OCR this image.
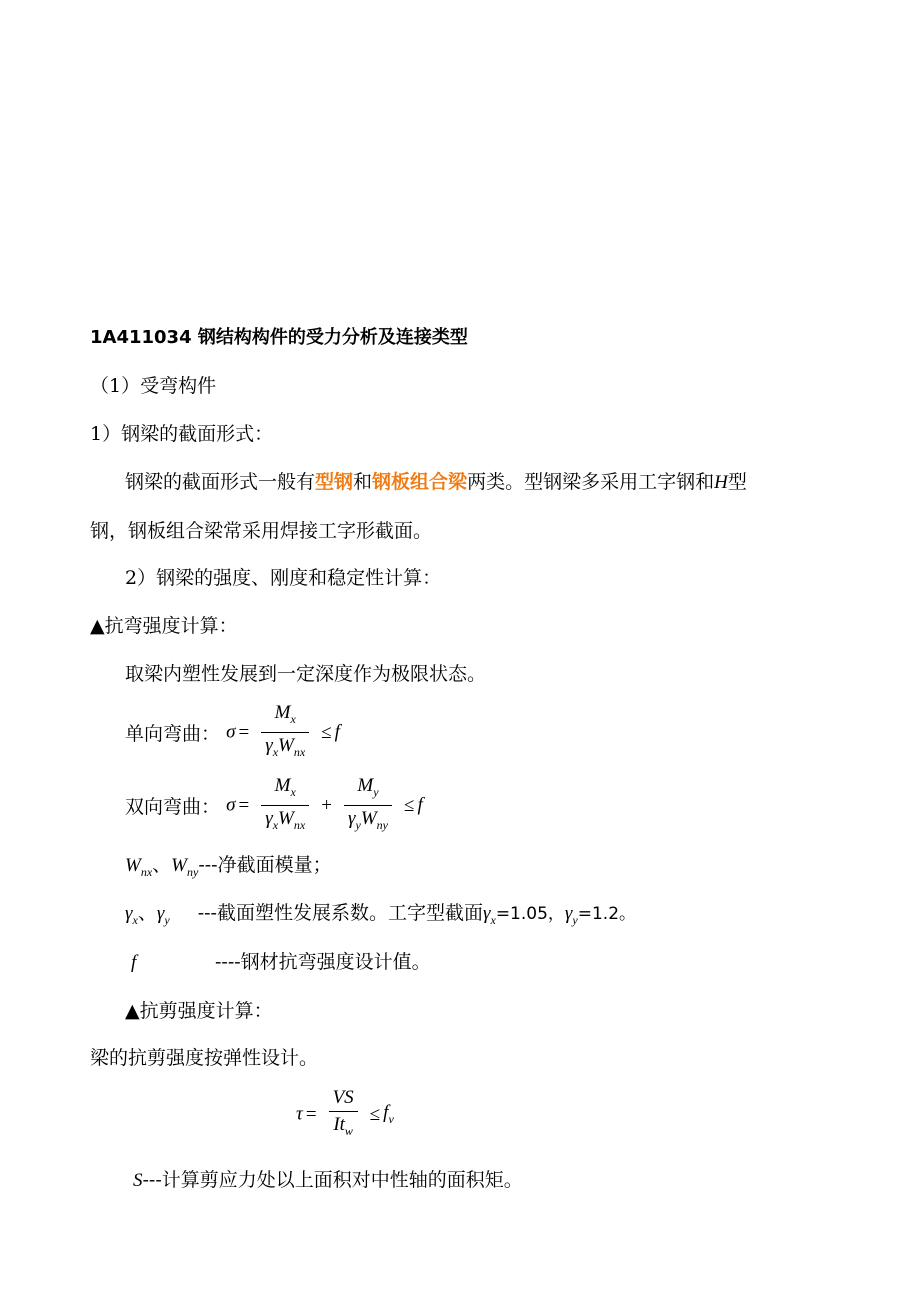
1A411034 钢结构构件的受力分析及连接类型
（1）受弯构件
1）钢梁的截面形式：
钢梁的截面形式一般有型钢和钢板组合梁两类。型钢梁多采用工字钢和H型
钢，钢板组合梁常采用焊接工字形截面。
2）钢梁的强度、刚度和稳定性计算：
▲抗弯强度计算：
取梁内塑性发展到一定深度作为极限状态。
单向弯曲： $\sigma = \frac{M_x}{\gamma_xW_{nx}} \le f$
双向弯曲： $\sigma = \frac{M_x}{\gamma_xW_{nx}} + \frac{M_y}{\gamma_yW_{ny}} \le f$
$W_{nx}$、$W_{ny}---$净截面模量；
$\gamma_x$、$\gamma_y$ ---截面塑性发展系数。工字型截面$\gamma_x=1.05$，$\gamma_y=1.2$。
f	----钢材抗弯强度设计值。
▲抗剪强度计算：
梁的抗剪强度按弹性设计。
$\tau = \frac{VS}{It_w} \le f_v$
S---计算剪应力处以上面积对中性轴的面积矩。
